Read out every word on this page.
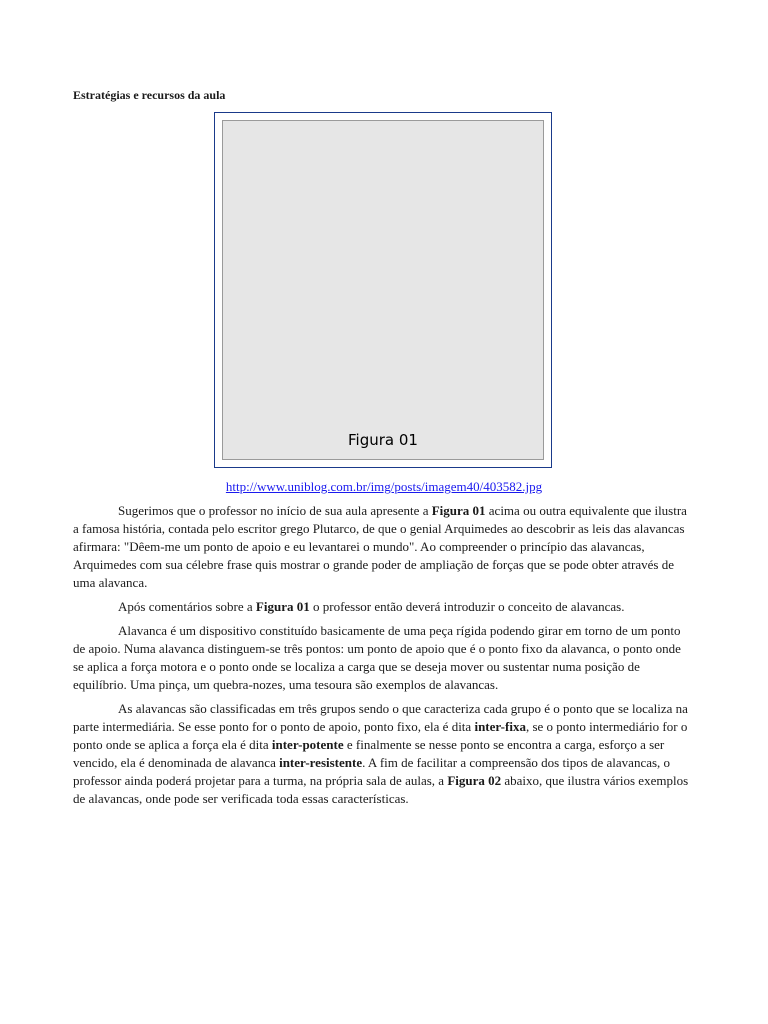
Estratégias e recursos da aula
Figura 01

http://www.uniblog.com.br/img/posts/imagem40/403582.jpg

Sugerimos que o professor no início de sua aula apresente a Figura 01 acima ou outra equivalente que ilustra a famosa história, contada pelo escritor grego Plutarco, de que o genial Arquimedes ao descobrir as leis das alavancas afirmara: "Dêem-me um ponto de apoio e eu levantarei o mundo". Ao compreender o princípio das alavancas, Arquimedes com sua célebre frase quis mostrar o grande poder de ampliação de forças que se pode obter através de uma alavanca.

Após comentários sobre a Figura 01 o professor então deverá introduzir o conceito de alavancas.

Alavanca é um dispositivo constituído basicamente de uma peça rígida podendo girar em torno de um ponto de apoio. Numa alavanca distinguem-se três pontos: um ponto de apoio que é o ponto fixo da alavanca, o ponto onde se aplica a força motora e o ponto onde se localiza a carga que se deseja mover ou sustentar numa posição de equilíbrio. Uma pinça, um quebra-nozes, uma tesoura são exemplos de alavancas.

As alavancas são classificadas em três grupos sendo o que caracteriza cada grupo é o ponto que se localiza na parte intermediária. Se esse ponto for o ponto de apoio, ponto fixo, ela é dita inter-fixa, se o ponto intermediário for o ponto onde se aplica a força ela é dita inter-potente e finalmente se nesse ponto se encontra a carga, esforço a ser vencido, ela é denominada de alavanca inter-resistente. A fim de facilitar a compreensão dos tipos de alavancas, o professor ainda poderá projetar para a turma, na própria sala de aulas, a Figura 02 abaixo, que ilustra vários exemplos de alavancas, onde pode ser verificada toda essas características.
